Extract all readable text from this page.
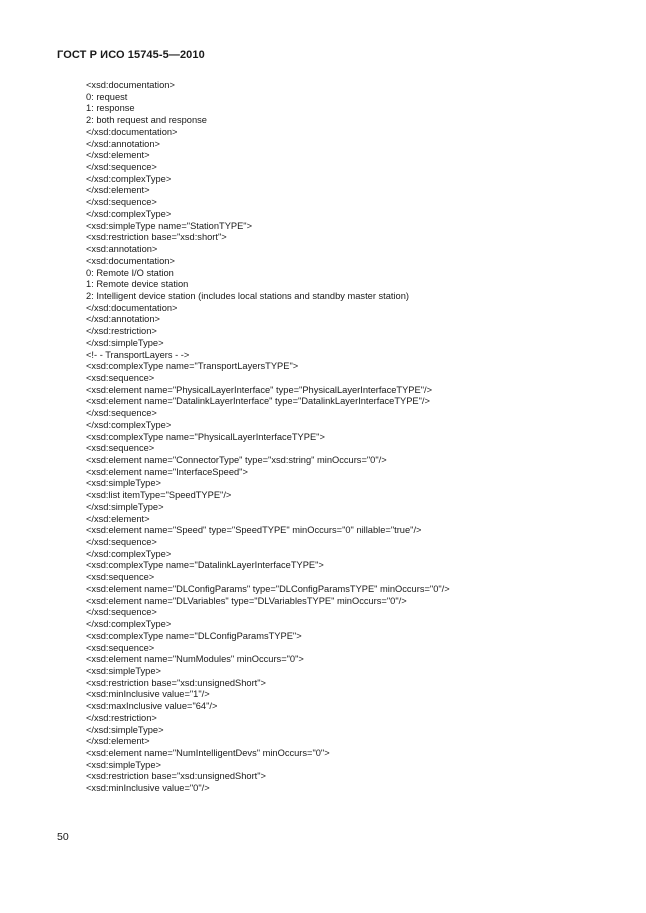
ГОСТ Р ИСО 15745-5—2010
<xsd:documentation>
0: request
1: response
2: both request and response
</xsd:documentation>
</xsd:annotation>
</xsd:element>
</xsd:sequence>
</xsd:complexType>
</xsd:element>
</xsd:sequence>
</xsd:complexType>
<xsd:simpleType name="StationTYPE">
<xsd:restriction base="xsd:short">
<xsd:annotation>
<xsd:documentation>
0: Remote I/O station
1: Remote device station
2: Intelligent device station (includes local stations and standby master station)
</xsd:documentation>
</xsd:annotation>
</xsd:restriction>
</xsd:simpleType>
<!- - TransportLayers - ->
<xsd:complexType name="TransportLayersTYPE">
<xsd:sequence>
<xsd:element name="PhysicalLayerInterface" type="PhysicalLayerInterfaceTYPE"/>
<xsd:element name="DatalinkLayerInterface" type="DatalinkLayerInterfaceTYPE"/>
</xsd:sequence>
</xsd:complexType>
<xsd:complexType name="PhysicalLayerInterfaceTYPE">
<xsd:sequence>
<xsd:element name="ConnectorType" type="xsd:string" minOccurs="0"/>
<xsd:element name="InterfaceSpeed">
<xsd:simpleType>
<xsd:list itemType="SpeedTYPE"/>
</xsd:simpleType>
</xsd:element>
<xsd:element name="Speed" type="SpeedTYPE" minOccurs="0" nillable="true"/>
</xsd:sequence>
</xsd:complexType>
<xsd:complexType name="DatalinkLayerInterfaceTYPE">
<xsd:sequence>
<xsd:element name="DLConfigParams" type="DLConfigParamsTYPE" minOccurs="0"/>
<xsd:element name="DLVariables" type="DLVariablesTYPE" minOccurs="0"/>
</xsd:sequence>
</xsd:complexType>
<xsd:complexType name="DLConfigParamsTYPE">
<xsd:sequence>
<xsd:element name="NumModules" minOccurs="0">
<xsd:simpleType>
<xsd:restriction base="xsd:unsignedShort">
<xsd:minInclusive value="1"/>
<xsd:maxInclusive value="64"/>
</xsd:restriction>
</xsd:simpleType>
</xsd:element>
<xsd:element name="NumIntelligentDevs" minOccurs="0">
<xsd:simpleType>
<xsd:restriction base="xsd:unsignedShort">
<xsd:minInclusive value="0"/>
50
